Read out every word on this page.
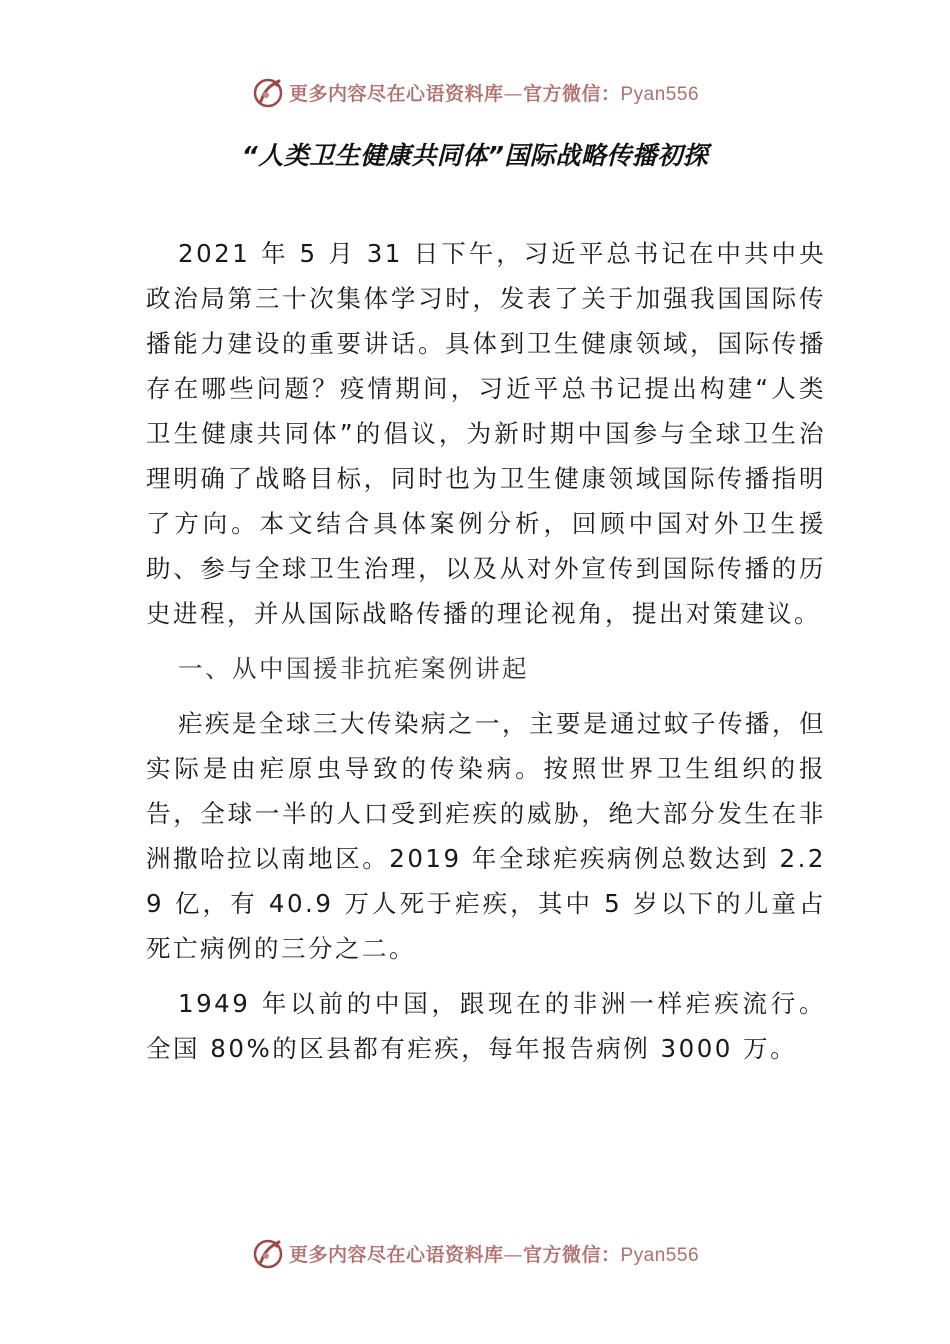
更多内容尽在心语资料库—官方微信：Pyan556
“人类卫生健康共同体”国际战略传播初探

2021 年 5 月 31 日下午，习近平总书记在中共中央政治局第三十次集体学习时，发表了关于加强我国国际传播能力建设的重要讲话。具体到卫生健康领域，国际传播存在哪些问题？疫情期间，习近平总书记提出构建“人类卫生健康共同体”的倡议，为新时期中国参与全球卫生治理明确了战略目标，同时也为卫生健康领域国际传播指明了方向。本文结合具体案例分析，回顾中国对外卫生援助、参与全球卫生治理，以及从对外宣传到国际传播的历史进程，并从国际战略传播的理论视角，提出对策建议。

一、从中国援非抗疟案例讲起

疟疾是全球三大传染病之一，主要是通过蚊子传播，但实际是由疟原虫导致的传染病。按照世界卫生组织的报告，全球一半的人口受到疟疾的威胁，绝大部分发生在非洲撒哈拉以南地区。2019 年全球疟疾病例总数达到 2.29 亿，有 40.9 万人死于疟疾，其中 5 岁以下的儿童占死亡病例的三分之二。

1949 年以前的中国，跟现在的非洲一样疟疾流行。全国 80%的区县都有疟疾，每年报告病例 3000 万。

更多内容尽在心语资料库—官方微信：Pyan556
